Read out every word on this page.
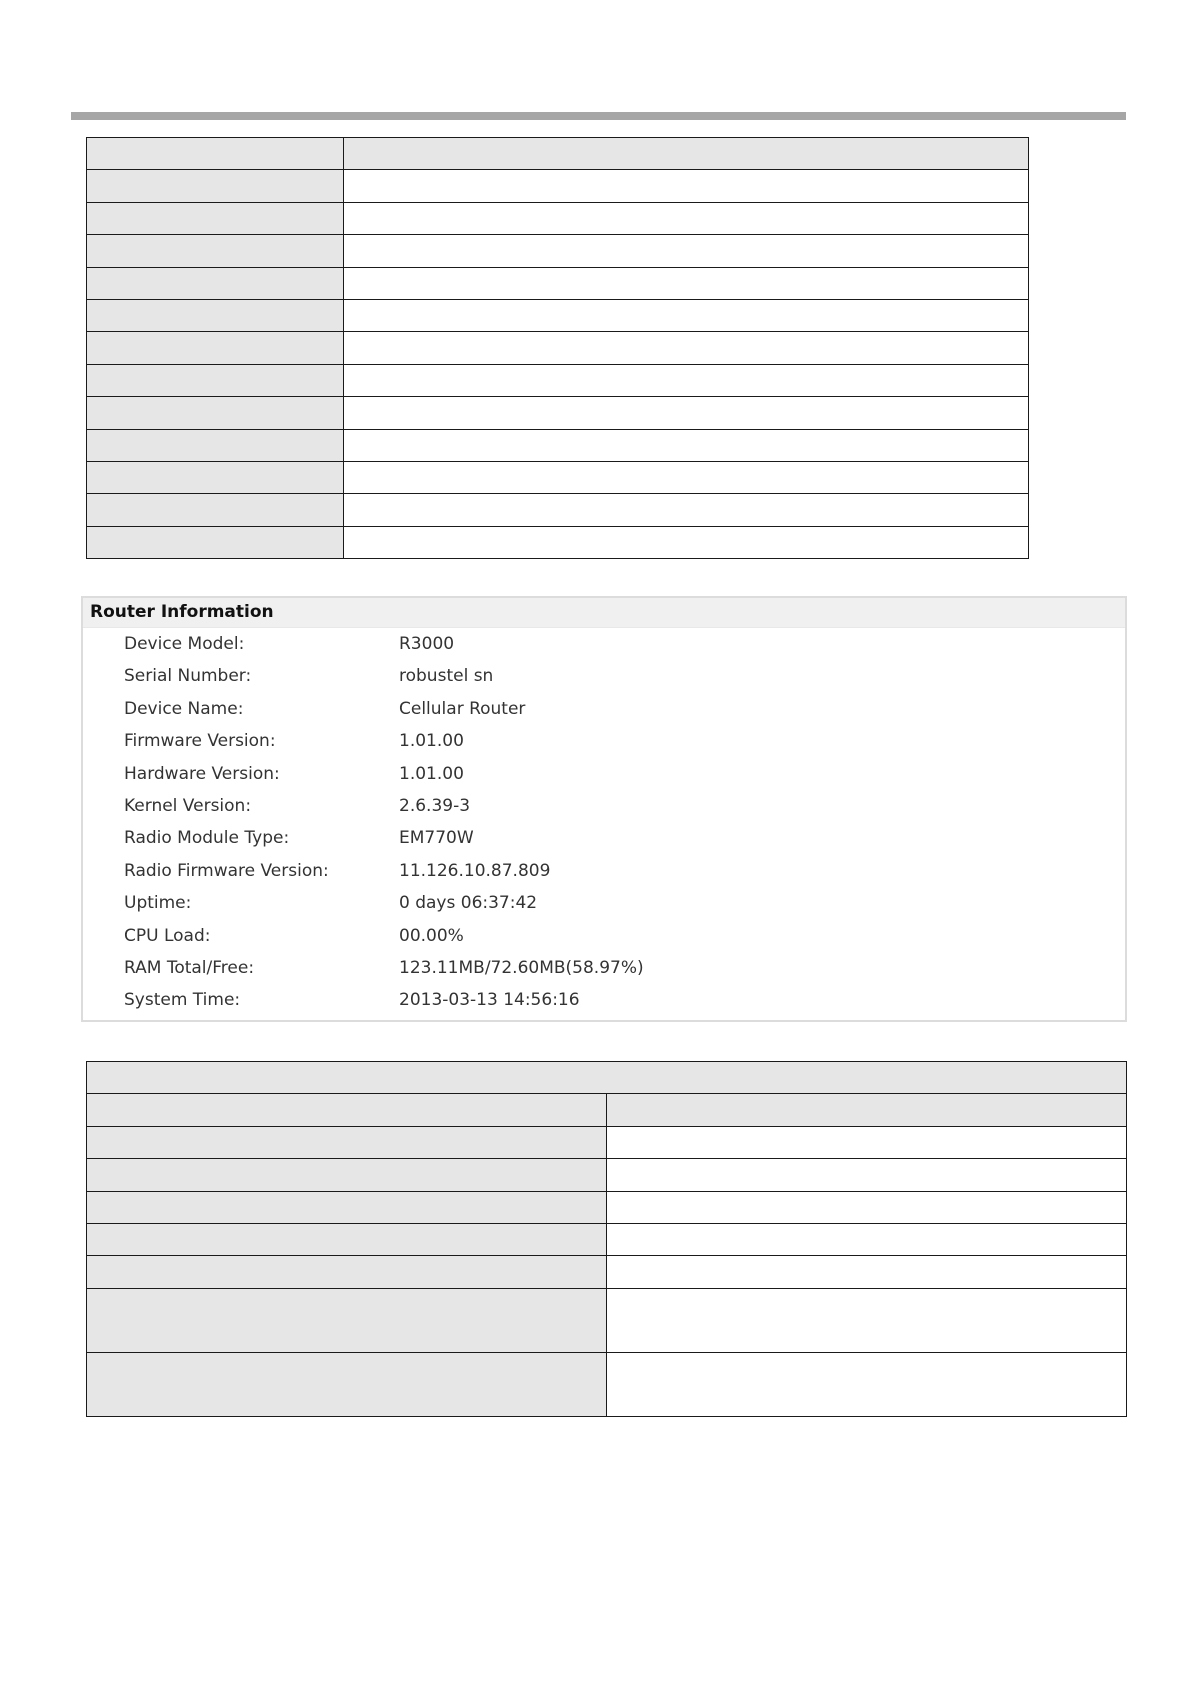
Router Information
Device Model:	R3000
Serial Number:	robustel sn
Device Name:	Cellular Router
Firmware Version:	1.01.00
Hardware Version:	1.01.00
Kernel Version:	2.6.39-3
Radio Module Type:	EM770W
Radio Firmware Version:	11.126.10.87.809
Uptime:	0 days 06:37:42
CPU Load:	00.00%
RAM Total/Free:	123.11MB/72.60MB(58.97%)
System Time:	2013-03-13 14:56:16
